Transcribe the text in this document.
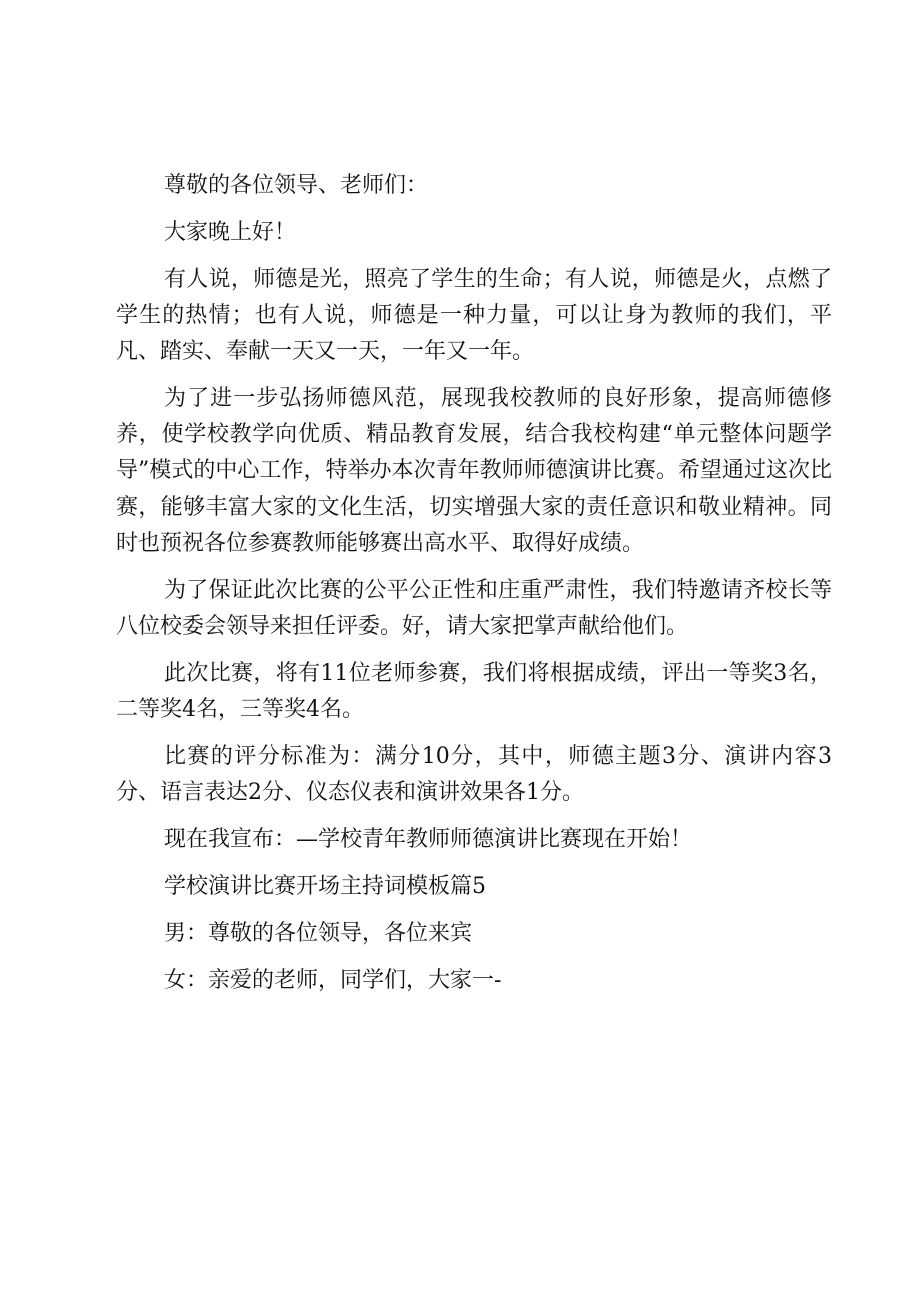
尊敬的各位领导、老师们：

大家晚上好！

有人说，师德是光，照亮了学生的生命；有人说，师德是火，点燃了学生的热情；也有人说，师德是一种力量，可以让身为教师的我们，平凡、踏实、奉献一天又一天，一年又一年。

为了进一步弘扬师德风范，展现我校教师的良好形象，提高师德修养，使学校教学向优质、精品教育发展，结合我校构建“单元整体问题学导”模式的中心工作，特举办本次青年教师师德演讲比赛。希望通过这次比赛，能够丰富大家的文化生活，切实增强大家的责任意识和敬业精神。同时也预祝各位参赛教师能够赛出高水平、取得好成绩。

为了保证此次比赛的公平公正性和庄重严肃性，我们特邀请齐校长等八位校委会领导来担任评委。好，请大家把掌声献给他们。

此次比赛，将有11位老师参赛，我们将根据成绩，评出一等奖3名，二等奖4名，三等奖4名。

比赛的评分标准为：满分10分，其中，师德主题3分、演讲内容3分、语言表达2分、仪态仪表和演讲效果各1分。

现在我宣布：—学校青年教师师德演讲比赛现在开始！

学校演讲比赛开场主持词模板篇5

男：尊敬的各位领导，各位来宾

女：亲爱的老师，同学们，大家一-
